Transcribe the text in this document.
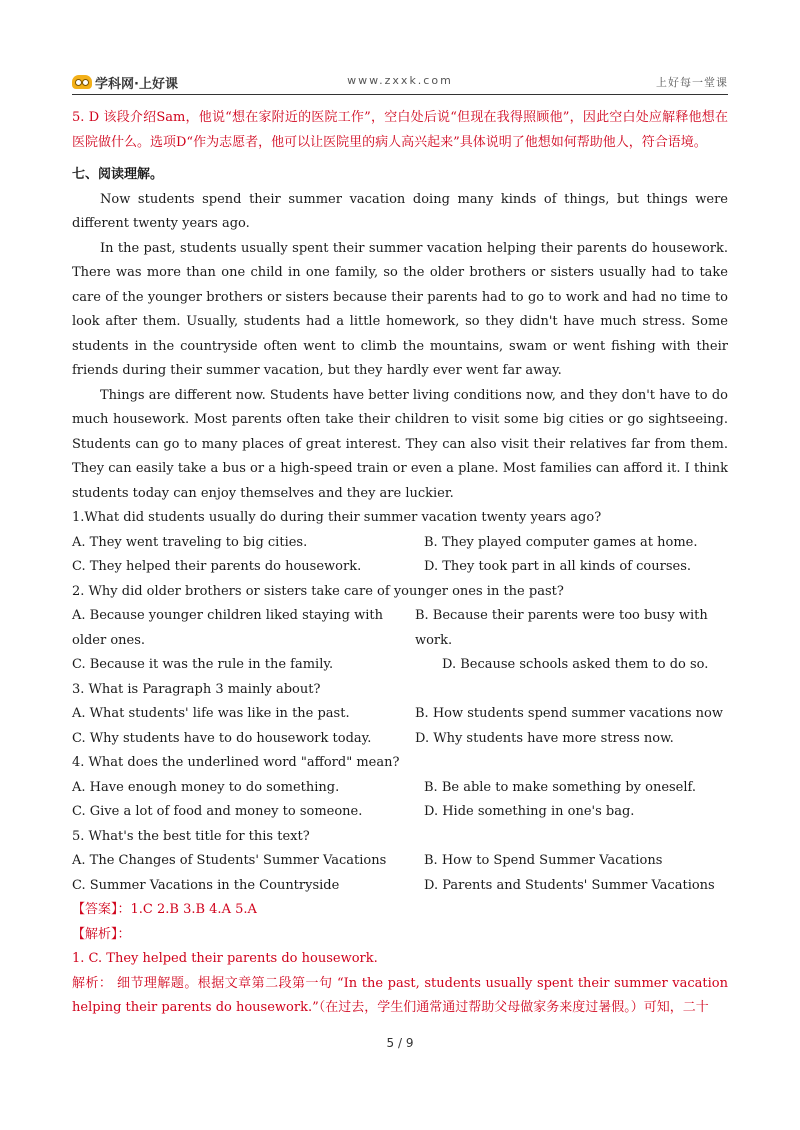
学科网·上好课	www.zxxk.com	上好每一堂课

5. D 该段介绍Sam，他说“想在家附近的医院工作”，空白处后说“但现在我得照顾他”，因此空白处应解释他想在医院做什么。选项D“作为志愿者，他可以让医院里的病人高兴起来”具体说明了他想如何帮助他人，符合语境。

七、阅读理解。

Now students spend their summer vacation doing many kinds of things, but things were different twenty years ago.

In the past, students usually spent their summer vacation helping their parents do housework. There was more than one child in one family, so the older brothers or sisters usually had to take care of the younger brothers or sisters because their parents had to go to work and had no time to look after them. Usually, students had a little homework, so they didn't have much stress. Some students in the countryside often went to climb the mountains, swam or went fishing with their friends during their summer vacation, but they hardly ever went far away.

Things are different now. Students have better living conditions now, and they don't have to do much housework. Most parents often take their children to visit some big cities or go sightseeing. Students can go to many places of great interest. They can also visit their relatives far from them. They can easily take a bus or a high-speed train or even a plane. Most families can afford it. I think students today can enjoy themselves and they are luckier.

1.What did students usually do during their summer vacation twenty years ago?

A. They went traveling to big cities.	B. They played computer games at home.
C. They helped their parents do housework.	D. They took part in all kinds of courses.

2. Why did older brothers or sisters take care of younger ones in the past?

A. Because younger children liked staying with older ones.
B. Because their parents were too busy with work.
C. Because it was the rule in the family.	D. Because schools asked them to do so.

3. What is Paragraph 3 mainly about?

A. What students' life was like in the past.	B. How students spend summer vacations now
C. Why students have to do housework today.	D. Why students have more stress now.

4. What does the underlined word "afford" mean?

A. Have enough money to do something.	B. Be able to make something by oneself.
C. Give a lot of food and money to someone.	D. Hide something in one's bag.

5. What's the best title for this text?

A. The Changes of Students' Summer Vacations	B. How to Spend Summer Vacations
C. Summer Vacations in the Countryside	D. Parents and Students' Summer Vacations

【答案】：1.C 2.B 3.B 4.A 5.A

【解析】：

1. C. They helped their parents do housework.

解析： 细节理解题。根据文章第二段第一句 “In the past, students usually spent their summer vacation helping their parents do housework.”（在过去，学生们通常通过帮助父母做家务来度过暑假。）可知，二十

5 / 9
